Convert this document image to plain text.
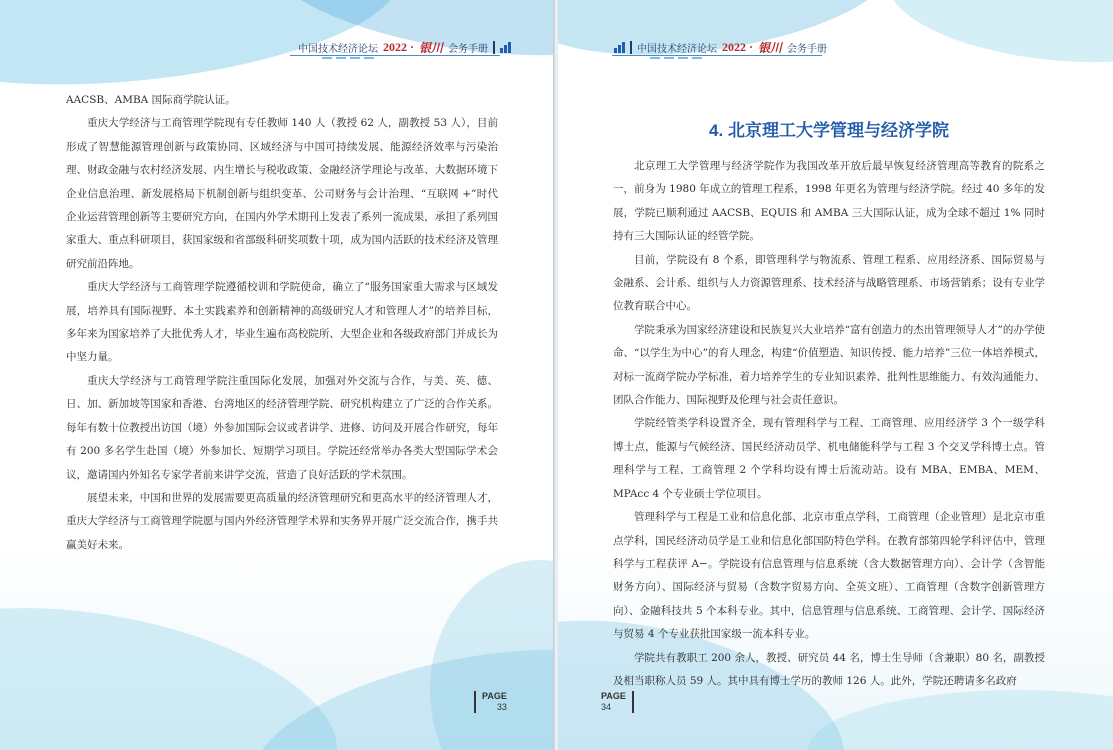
中国技术经济论坛 2022 · 银川 会务手册

AACSB、AMBA 国际商学院认证。

重庆大学经济与工商管理学院现有专任教师 140 人（教授 62 人，副教授 53 人），目前形成了智慧能源管理创新与政策协同、区域经济与中国可持续发展、能源经济效率与污染治理、财政金融与农村经济发展、内生增长与税收政策、金融经济学理论与改革、大数据环境下企业信息治理、新发展格局下机制创新与组织变革、公司财务与会计治理、“互联网 +”时代企业运营管理创新等主要研究方向，在国内外学术期刊上发表了系列一流成果，承担了系列国家重大、重点科研项目，获国家级和省部级科研奖项数十项，成为国内活跃的技术经济及管理研究前沿阵地。

重庆大学经济与工商管理学院遵循校训和学院使命，确立了“服务国家重大需求与区域发展，培养具有国际视野、本土实践素养和创新精神的高级研究人才和管理人才”的培养目标，多年来为国家培养了大批优秀人才，毕业生遍布高校院所、大型企业和各级政府部门并成长为中坚力量。

重庆大学经济与工商管理学院注重国际化发展，加强对外交流与合作，与美、英、德、日、加、新加坡等国家和香港、台湾地区的经济管理学院、研究机构建立了广泛的合作关系。每年有数十位教授出访国（境）外参加国际会议或者讲学、进修、访问及开展合作研究，每年有 200 多名学生赴国（境）外参加长、短期学习项目。学院还经常举办各类大型国际学术会议，邀请国内外知名专家学者前来讲学交流，营造了良好活跃的学术氛围。

展望未来，中国和世界的发展需要更高质量的经济管理研究和更高水平的经济管理人才，重庆大学经济与工商管理学院愿与国内外经济管理学术界和实务界开展广泛交流合作，携手共赢美好未来。

PAGE
33
中国技术经济论坛 2022 · 银川 会务手册
4. 北京理工大学管理与经济学院

北京理工大学管理与经济学院作为我国改革开放后最早恢复经济管理高等教育的院系之一，前身为 1980 年成立的管理工程系，1998 年更名为管理与经济学院。经过 40 多年的发展，学院已顺利通过 AACSB、EQUIS 和 AMBA 三大国际认证，成为全球不超过 1% 同时持有三大国际认证的经管学院。

目前，学院设有 8 个系，即管理科学与物流系、管理工程系、应用经济系、国际贸易与金融系、会计系、组织与人力资源管理系、技术经济与战略管理系、市场营销系；设有专业学位教育联合中心。

学院秉承为国家经济建设和民族复兴大业培养“富有创造力的杰出管理领导人才”的办学使命、“以学生为中心”的育人理念，构建“价值塑造、知识传授、能力培养”三位一体培养模式，对标一流商学院办学标准，着力培养学生的专业知识素养、批判性思维能力、有效沟通能力、团队合作能力、国际视野及伦理与社会责任意识。

学院经管类学科设置齐全，现有管理科学与工程、工商管理、应用经济学 3 个一级学科博士点，能源与气候经济、国民经济动员学、机电储能科学与工程 3 个交叉学科博士点。管理科学与工程、工商管理 2 个学科均设有博士后流动站。设有 MBA、EMBA、MEM、MPAcc 4 个专业硕士学位项目。

管理科学与工程是工业和信息化部、北京市重点学科，工商管理（企业管理）是北京市重点学科，国民经济动员学是工业和信息化部国防特色学科。在教育部第四轮学科评估中，管理科学与工程获评 A−。学院设有信息管理与信息系统（含大数据管理方向）、会计学（含智能财务方向）、国际经济与贸易（含数字贸易方向、全英文班）、工商管理（含数字创新管理方向）、金融科技共 5 个本科专业。其中，信息管理与信息系统、工商管理、会计学、国际经济与贸易 4 个专业获批国家级一流本科专业。

学院共有教职工 200 余人，教授、研究员 44 名，博士生导师（含兼职）80 名，副教授及相当职称人员 59 人。其中具有博士学历的教师 126 人。此外，学院还聘请多名政府

PAGE
34
